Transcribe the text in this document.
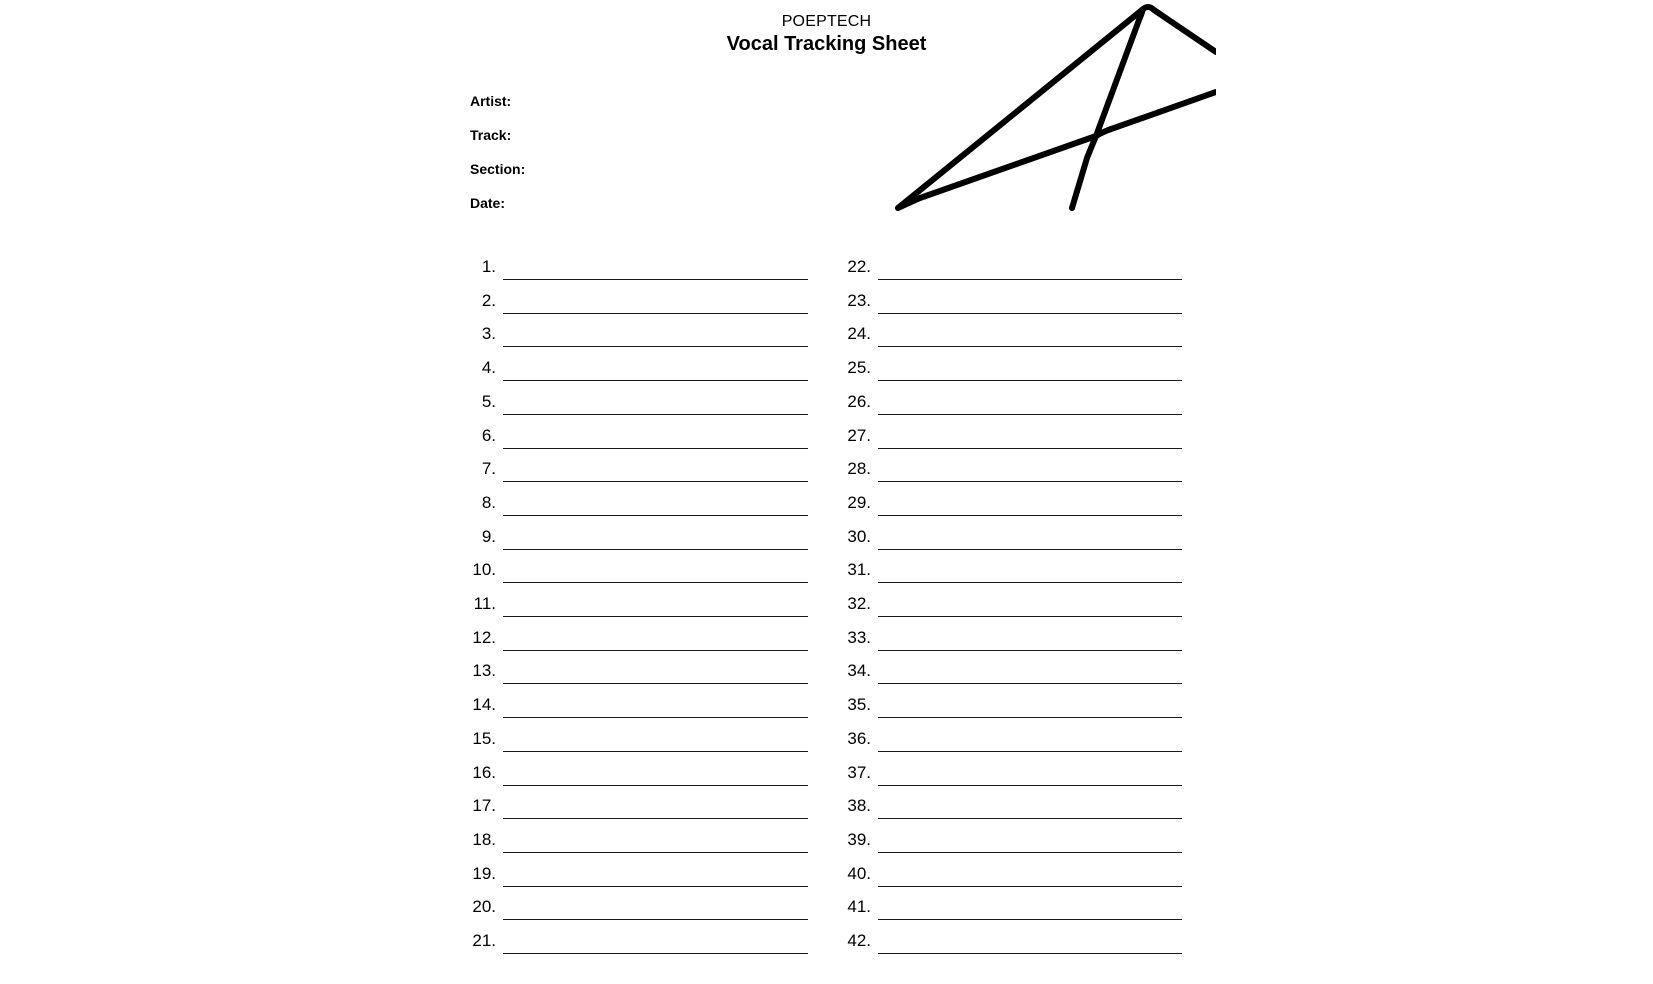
POEPTECH
Vocal Tracking Sheet
Artist:
Track:
Section:
Date:
1.
2.
3.
4.
5.
6.
7.
8.
9.
10.
11.
12.
13.
14.
15.
16.
17.
18.
19.
20.
21.
22.
23.
24.
25.
26.
27.
28.
29.
30.
31.
32.
33.
34.
35.
36.
37.
38.
39.
40.
41.
42.
